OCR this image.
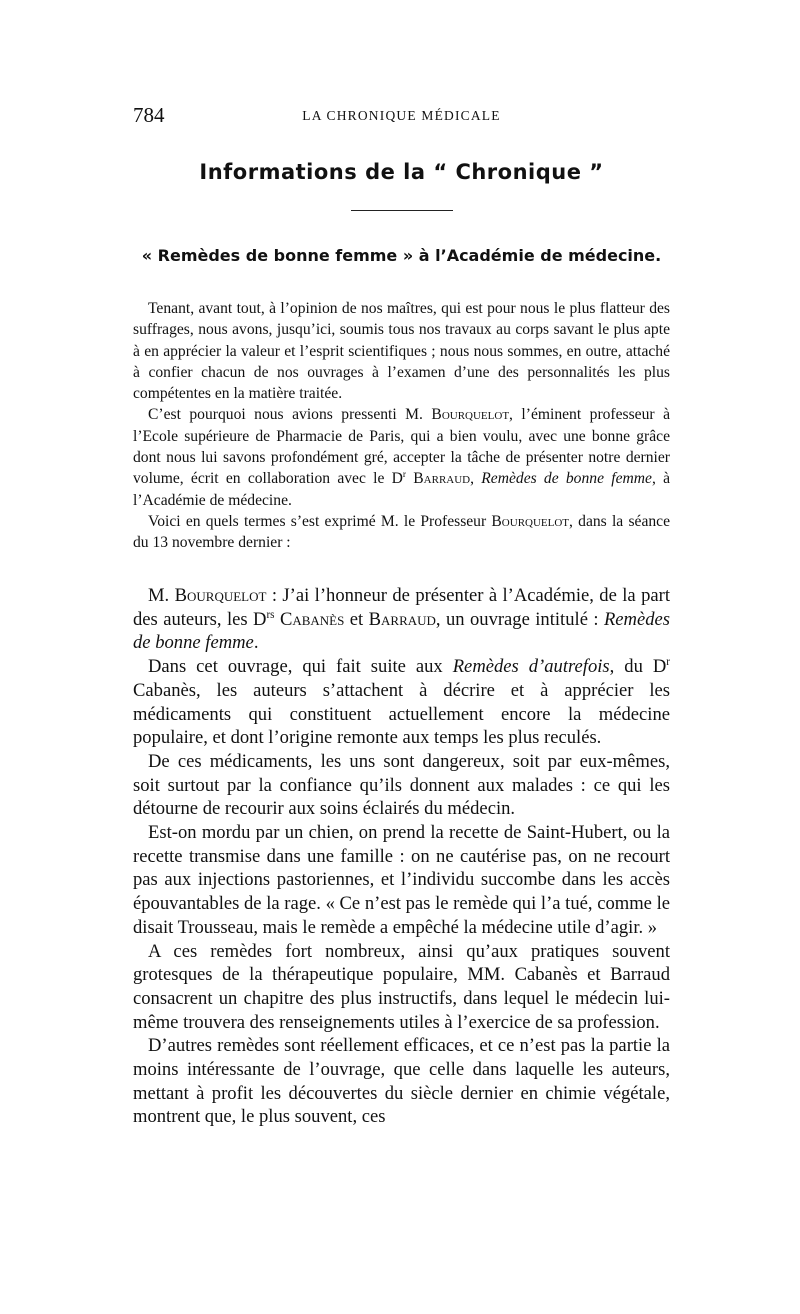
784	LA CHRONIQUE MÉDICALE
Informations de la “ Chronique ”
« Remèdes de bonne femme » à l’Académie de médecine.

Tenant, avant tout, à l’opinion de nos maîtres, qui est pour nous le plus flatteur des suffrages, nous avons, jusqu’ici, soumis tous nos travaux au corps savant le plus apte à en apprécier la valeur et l’esprit scientifiques ; nous nous sommes, en outre, attaché à confier chacun de nos ouvrages à l’examen d’une des personnalités les plus compétentes en la matière traitée.

C’est pourquoi nous avions pressenti M. Bourquelot, l’éminent professeur à l’Ecole supérieure de Pharmacie de Paris, qui a bien voulu, avec une bonne grâce dont nous lui savons profondément gré, accepter la tâche de présenter notre dernier volume, écrit en collaboration avec le $D^r$ Barraud, Remèdes de bonne femme, à l’Académie de médecine.

Voici en quels termes s’est exprimé M. le Professeur Bourquelot, dans la séance du 13 novembre dernier :

M. Bourquelot : J’ai l’honneur de présenter à l’Académie, de la part des auteurs, les $D^{rs}$ Cabanès et Barraud, un ouvrage intitulé : Remèdes de bonne femme.

Dans cet ouvrage, qui fait suite aux Remèdes d’autrefois, du $D^r$ Cabanès, les auteurs s’attachent à décrire et à apprécier les médicaments qui constituent actuellement encore la médecine populaire, et dont l’origine remonte aux temps les plus reculés.

De ces médicaments, les uns sont dangereux, soit par eux-mêmes, soit surtout par la confiance qu’ils donnent aux malades : ce qui les détourne de recourir aux soins éclairés du médecin.

Est-on mordu par un chien, on prend la recette de Saint-Hubert, ou la recette transmise dans une famille : on ne cautérise pas, on ne recourt pas aux injections pastoriennes, et l’individu succombe dans les accès épouvantables de la rage. « Ce n’est pas le remède qui l’a tué, comme le disait Trousseau, mais le remède a empêché la médecine utile d’agir. »

A ces remèdes fort nombreux, ainsi qu’aux pratiques souvent grotesques de la thérapeutique populaire, MM. Cabanès et Barraud consacrent un chapitre des plus instructifs, dans lequel le médecin lui-même trouvera des renseignements utiles à l’exercice de sa profession.

D’autres remèdes sont réellement efficaces, et ce n’est pas la partie la moins intéressante de l’ouvrage, que celle dans laquelle les auteurs, mettant à profit les découvertes du siècle dernier en chimie végétale, montrent que, le plus souvent, ces
